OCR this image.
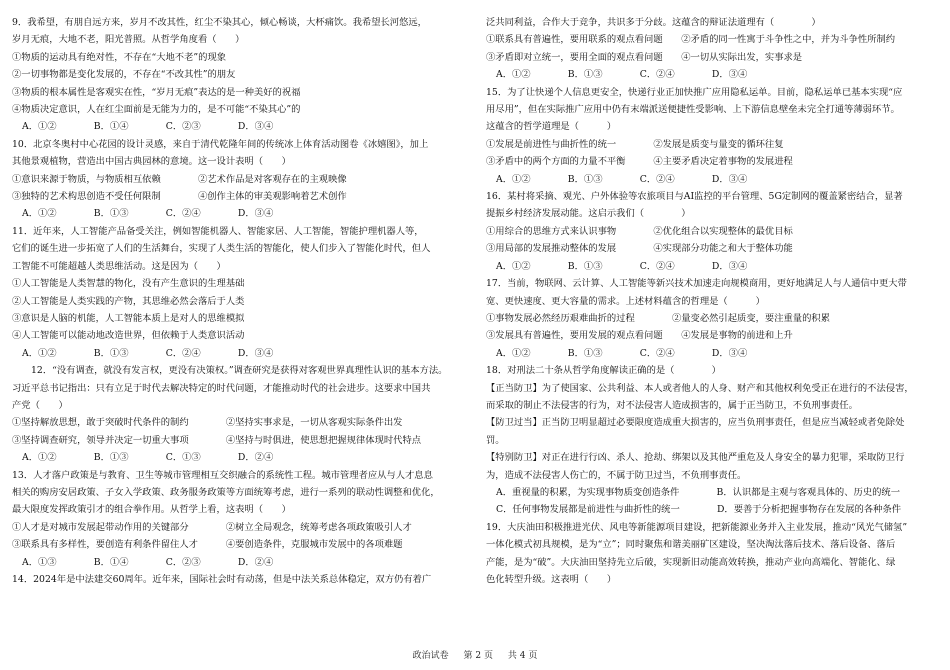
9．我希望，有朋自远方来，岁月不改其性，红尘不染其心，倾心畅谈，大杯痛饮。我希望长河悠远，
岁月无痕，大地不老，阳光普照。从哲学角度看（　　）
①物质的运动具有绝对性，不存在“大地不老”的现象
②一切事物都是变化发展的，不存在“不改其性”的朋友
③物质的根本属性是客观实在性，“岁月无痕”表达的是一种美好的祝福
④物质决定意识，人在红尘面前是无能为力的，是不可能“不染其心”的
A．①②　　　　B．①④　　　　C．②③　　　　D．③④
10．北京冬奥村中心花园的设计灵感，来自于清代乾隆年间的传统冰上体育活动图卷《冰嬉图》，加上
其他景观植物，营造出中国古典园林的意境。这一设计表明（　　）
①意识来源于物质，与物质相互依赖　　　　②艺术作品是对客观存在的主观映像
③独特的艺术构思创造不受任何限制　　　　④创作主体的审美观影响着艺术创作
A．①②　　　　B．①③　　　　C．②④　　　　D．③④
11．近年来，人工智能产品备受关注，例如智能机器人、智能家居、人工智能，智能护理机器人等，
它们的诞生进一步拓宽了人们的生活舞台，实现了人类生活的智能化，使人们步入了智能化时代，但人
工智能不可能超越人类思维活动。这是因为（　　）
①人工智能是人类智慧的物化，没有产生意识的生理基础
②人工智能是人类实践的产物，其思维必然会落后于人类
③意识是人脑的机能，人工智能本质上是对人的思维模拟
④人工智能可以能动地改造世界，但依赖于人类意识活动
A．①②　　　　B．①③　　　　C．②④　　　　D．③④
12．“没有调查，就没有发言权，更没有决策权。”调查研究是获得对客观世界真理性认识的基本方法。
习近平总书记指出：只有立足于时代去解决特定的时代问题，才能推动时代的社会进步。这要求中国共
产党（　　）
①坚持解放思想，敢于突破时代条件的制约　　　　②坚持实事求是，一切从客观实际条件出发
③坚持调查研究，领导并决定一切重大事项　　　　④坚持与时俱进，使思想把握规律体现时代特点
A．①②　　　　B．①③　　　　C．①③　　　　D．②④
13．人才落户政策是与教育、卫生等城市管理相互交织融合的系统性工程。城市管理者应从与人才息息
相关的购房安居政策、子女入学政策、政务服务政策等方面统筹考虑，进行一系列的联动性调整和优化，
最大限度发挥政策引才的组合拳作用。从哲学上看，这表明（　　）
①人才是对城市发展起带动作用的关键部分　　　　②树立全局观念，统筹考虑各项政策吸引人才
③联系具有多样性，要创造有利条件留住人才　　　④要创造条件，克服城市发展中的各项难题
A．①③　　　　B．①④　　　　C．②③　　　　D．②④
14．2024年是中法建交60周年。近年来，国际社会时有动荡，但是中法关系总体稳定，双方仍有着广
泛共同利益，合作大于竞争，共识多于分歧。这蕴含的辩证法道理有（　　　　）
①联系具有普遍性，要用联系的观点看问题　　②矛盾的同一性寓于斗争性之中，并为斗争性所制约
③矛盾即对立统一，要用全面的观点看问题　　④一切从实际出发，实事求是
A．①②　　　　B．①③　　　　C．②④　　　　D．③④
15．为了让快递个人信息更安全，快递行业正加快推广应用隐私运单。目前，隐私运单已基本实现“应
用尽用”，但在实际推广应用中仍有末端派送便捷性受影响、上下游信息壁垒未完全打通等薄弱环节。
这蕴含的哲学道理是（　　　）
①发展是前进性与曲折性的统一　　　　②发展是质变与量变的循环往复
③矛盾中的两个方面的力量不平衡　　　④主要矛盾决定着事物的发展进程
A．①②　　　　B．①③　　　　C．②④　　　　D．③④
16．某村将采摘、观光、户外体验等农旅项目与AI监控的平台管理、5G定制网的覆盖紧密结合，显著
提振乡村经济发展动能。这启示我们（　　　　）
①用综合的思维方式来认识事物　　　　②优化组合以实现整体的最优目标
③用局部的发展推动整体的发展　　　　④实现部分功能之和大于整体功能
A．①②　　　　B．①③　　　　C．②④　　　　D．③④
17．当前，物联网、云计算、人工智能等新兴技术加速走向规模商用，更好地满足人与人通信中更大带
宽、更快速度、更大容量的需求。上述材料蕴含的哲理是（　　　）
①事物发展必然经历艰难曲折的过程　　　　②量变必然引起质变，要注重量的积累
③发展具有普遍性，要用发展的观点看问题　　④发展是事物的前进和上升
A．①②　　　　B．①③　　　　C．②④　　　　D．③④
18．对刑法二十条从哲学角度解读正确的是（　　　　）
【正当防卫】为了使国家、公共利益、本人或者他人的人身、财产和其他权利免受正在进行的不法侵害，
而采取的制止不法侵害的行为，对不法侵害人造成损害的，属于正当防卫，不负刑事责任。
【防卫过当】正当防卫明显超过必要限度造成重大损害的，应当负刑事责任，但是应当减轻或者免除处
罚。
【特别防卫】对正在进行行凶、杀人、抢劫、绑架以及其他严重危及人身安全的暴力犯罪，采取防卫行
为，造成不法侵害人伤亡的，不属于防卫过当，不负刑事责任。
A．重视量的积累，为实现事物质变创造条件　　　　B．认识都是主观与客观具体的、历史的统一
C．任何事物发展都是前进性与曲折性的统一　　　　D．要善于分析把握事物存在发展的各种条件
19．大庆油田积极推进光伏、风电等新能源项目建设，把新能源业务并入主业发展，推动“风光气储氢”
一体化模式初具规模，是为“立”；同时聚焦和谐美丽矿区建设，坚决淘汰落后技术、落后设备、落后
产能，是为“破”。大庆油田坚持先立后破，实现新旧动能高效转换，推动产业向高端化、智能化、绿
色化转型升级。这表明（　　）
政治试卷 第 2 页 共 4 页
